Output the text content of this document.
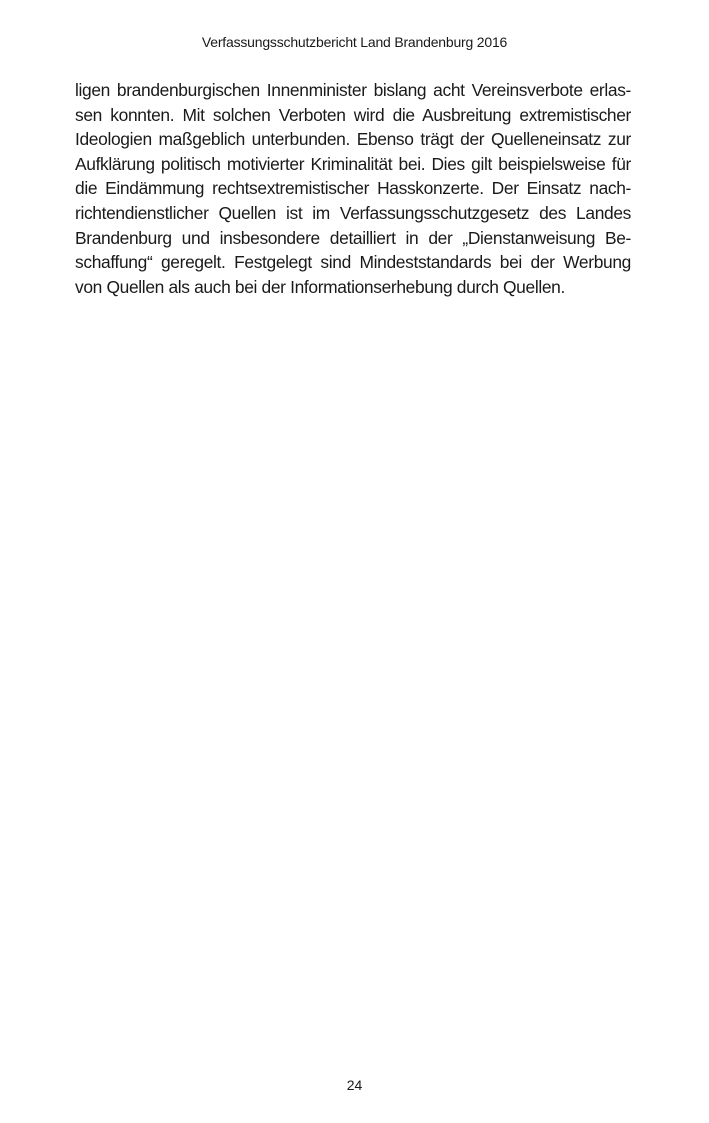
Verfassungsschutzbericht Land Brandenburg 2016
ligen brandenburgischen Innenminister bislang acht Vereinsverbote erlas-
sen konnten. Mit solchen Verboten wird die Ausbreitung extremistischer
Ideologien maßgeblich unterbunden. Ebenso trägt der Quelleneinsatz zur
Aufklärung politisch motivierter Kriminalität bei. Dies gilt beispielsweise für
die Eindämmung rechtsextremistischer Hasskonzerte. Der Einsatz nach-
richtendienstlicher Quellen ist im Verfassungsschutzgesetz des Landes
Brandenburg und insbesondere detailliert in der „Dienstanweisung Be-
schaffung“ geregelt. Festgelegt sind Mindeststandards bei der Werbung
von Quellen als auch bei der Informationserhebung durch Quellen.
24
